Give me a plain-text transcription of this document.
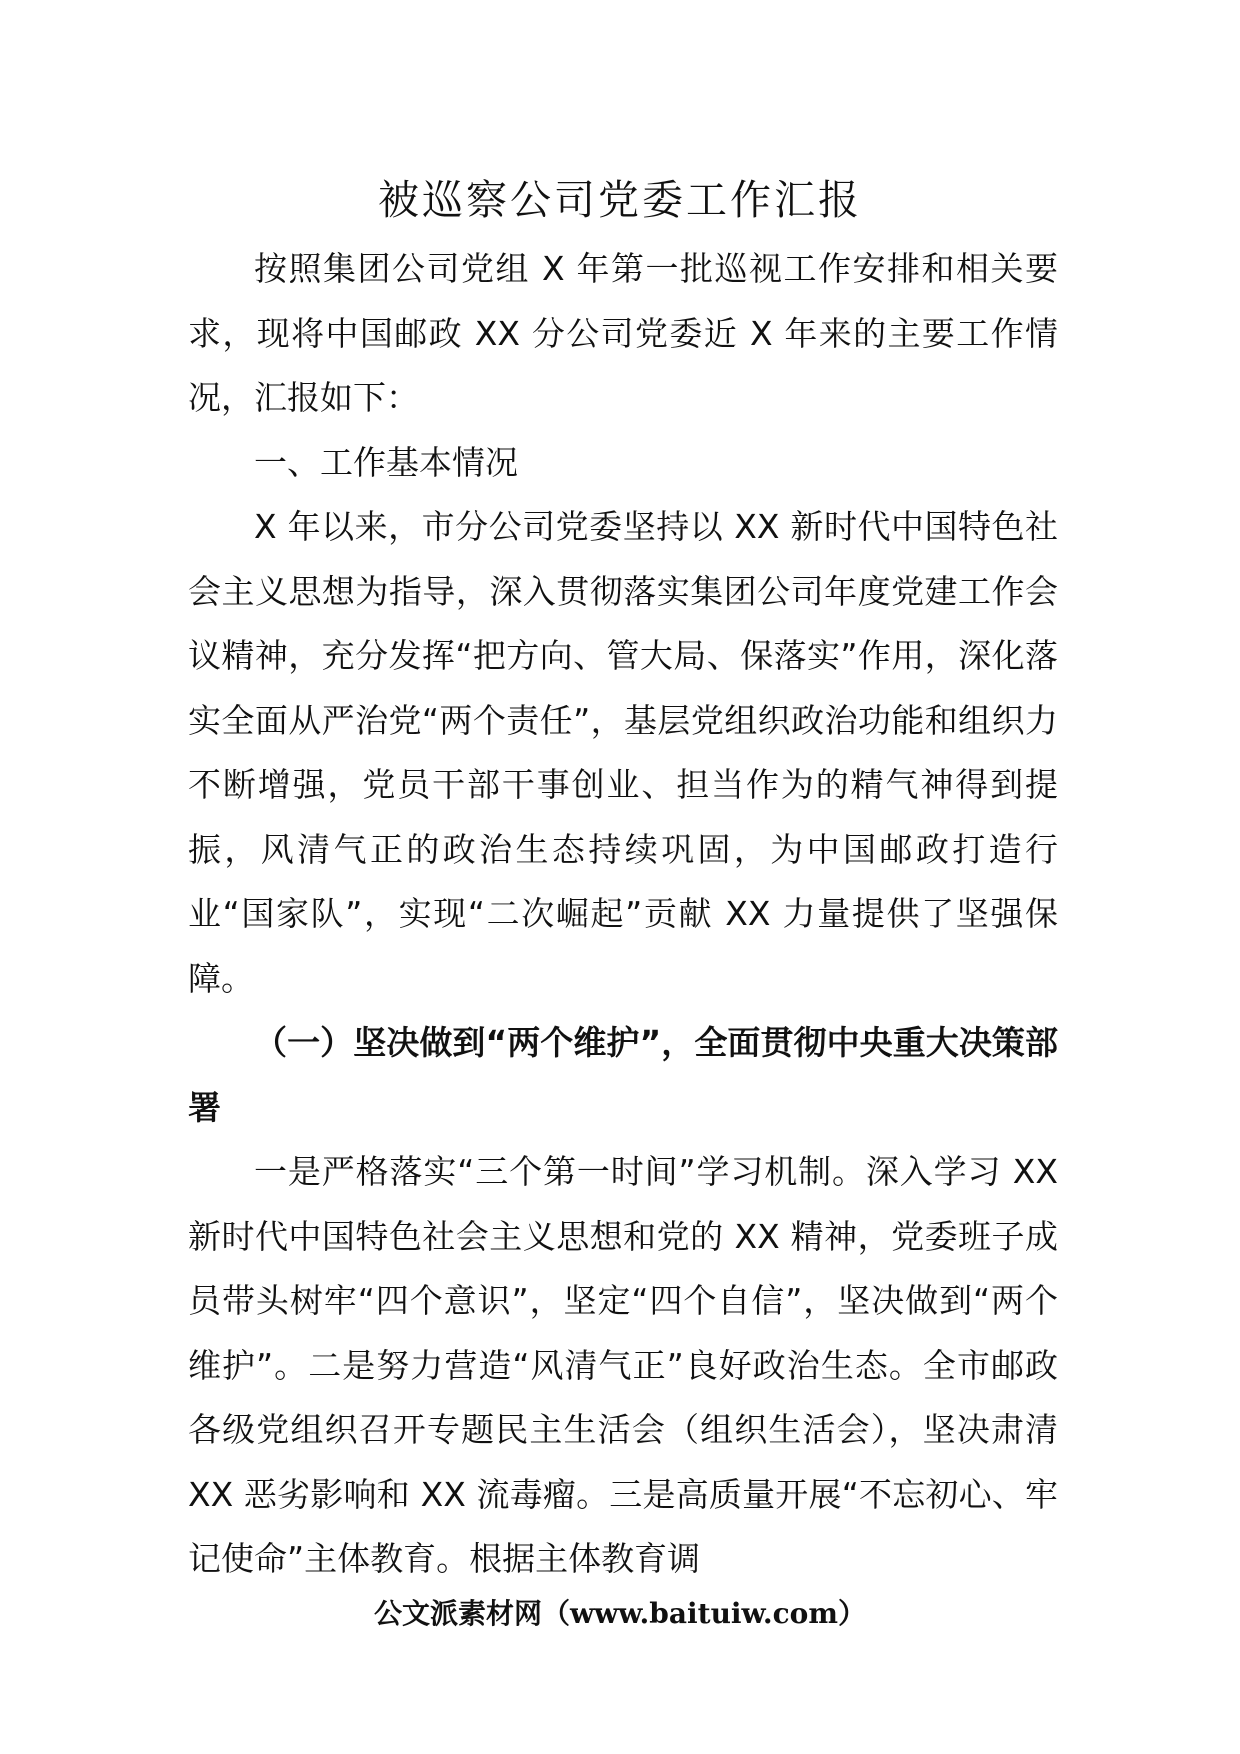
被巡察公司党委工作汇报

按照集团公司党组 X 年第一批巡视工作安排和相关要求，现将中国邮政 XX 分公司党委近 X 年来的主要工作情况，汇报如下：

一、工作基本情况

X 年以来，市分公司党委坚持以 XX 新时代中国特色社会主义思想为指导，深入贯彻落实集团公司年度党建工作会议精神，充分发挥“把方向、管大局、保落实”作用，深化落实全面从严治党“两个责任”，基层党组织政治功能和组织力不断增强，党员干部干事创业、担当作为的精气神得到提振，风清气正的政治生态持续巩固，为中国邮政打造行业“国家队”，实现“二次崛起”贡献 XX 力量提供了坚强保障。

（一）坚决做到“两个维护”，全面贯彻中央重大决策部署

一是严格落实“三个第一时间”学习机制。深入学习 XX 新时代中国特色社会主义思想和党的 XX 精神，党委班子成员带头树牢“四个意识”，坚定“四个自信”，坚决做到“两个维护”。二是努力营造“风清气正”良好政治生态。全市邮政各级党组织召开专题民主生活会（组织生活会），坚决肃清 XX 恶劣影响和 XX 流毒瘤。三是高质量开展“不忘初心、牢记使命”主体教育。根据主体教育调

公文派素材网（www.baituiw.com）
